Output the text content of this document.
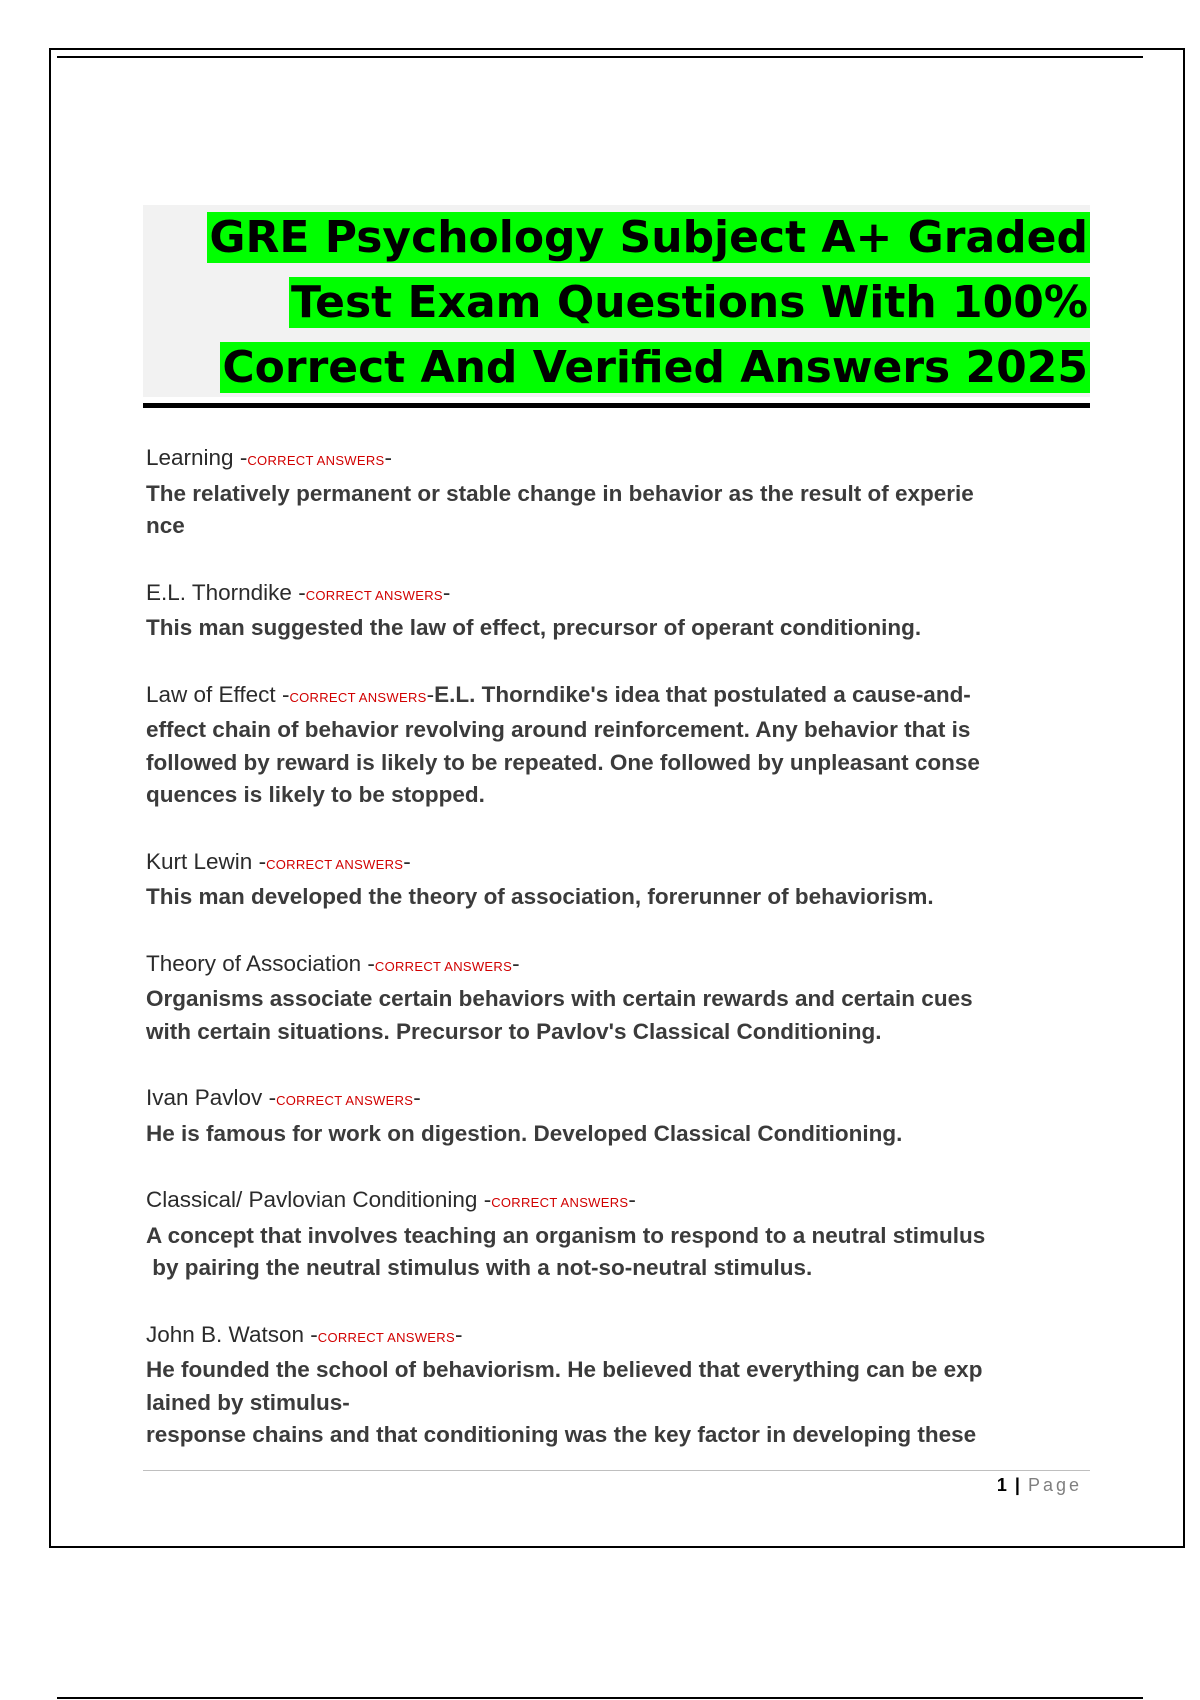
GRE Psychology Subject A+ Graded
Test Exam Questions With 100%
Correct And Verified Answers 2025
Learning -CORRECT ANSWERS-
The relatively permanent or stable change in behavior as the result of experie
nce
E.L. Thorndike -CORRECT ANSWERS-
This man suggested the law of effect, precursor of operant conditioning.
Law of Effect -CORRECT ANSWERS-E.L. Thorndike's idea that postulated a cause-and-
effect chain of behavior revolving around reinforcement. Any behavior that is
followed by reward is likely to be repeated. One followed by unpleasant conse
quences is likely to be stopped.
Kurt Lewin -CORRECT ANSWERS-
This man developed the theory of association, forerunner of behaviorism.
Theory of Association -CORRECT ANSWERS-
Organisms associate certain behaviors with certain rewards and certain cues
with certain situations. Precursor to Pavlov's Classical Conditioning.
Ivan Pavlov -CORRECT ANSWERS-
He is famous for work on digestion. Developed Classical Conditioning.
Classical/ Pavlovian Conditioning -CORRECT ANSWERS-
A concept that involves teaching an organism to respond to a neutral stimulus
by pairing the neutral stimulus with a not-so-neutral stimulus.
John B. Watson -CORRECT ANSWERS-
He founded the school of behaviorism. He believed that everything can be exp
lained by stimulus-
response chains and that conditioning was the key factor in developing these
1 | Page
